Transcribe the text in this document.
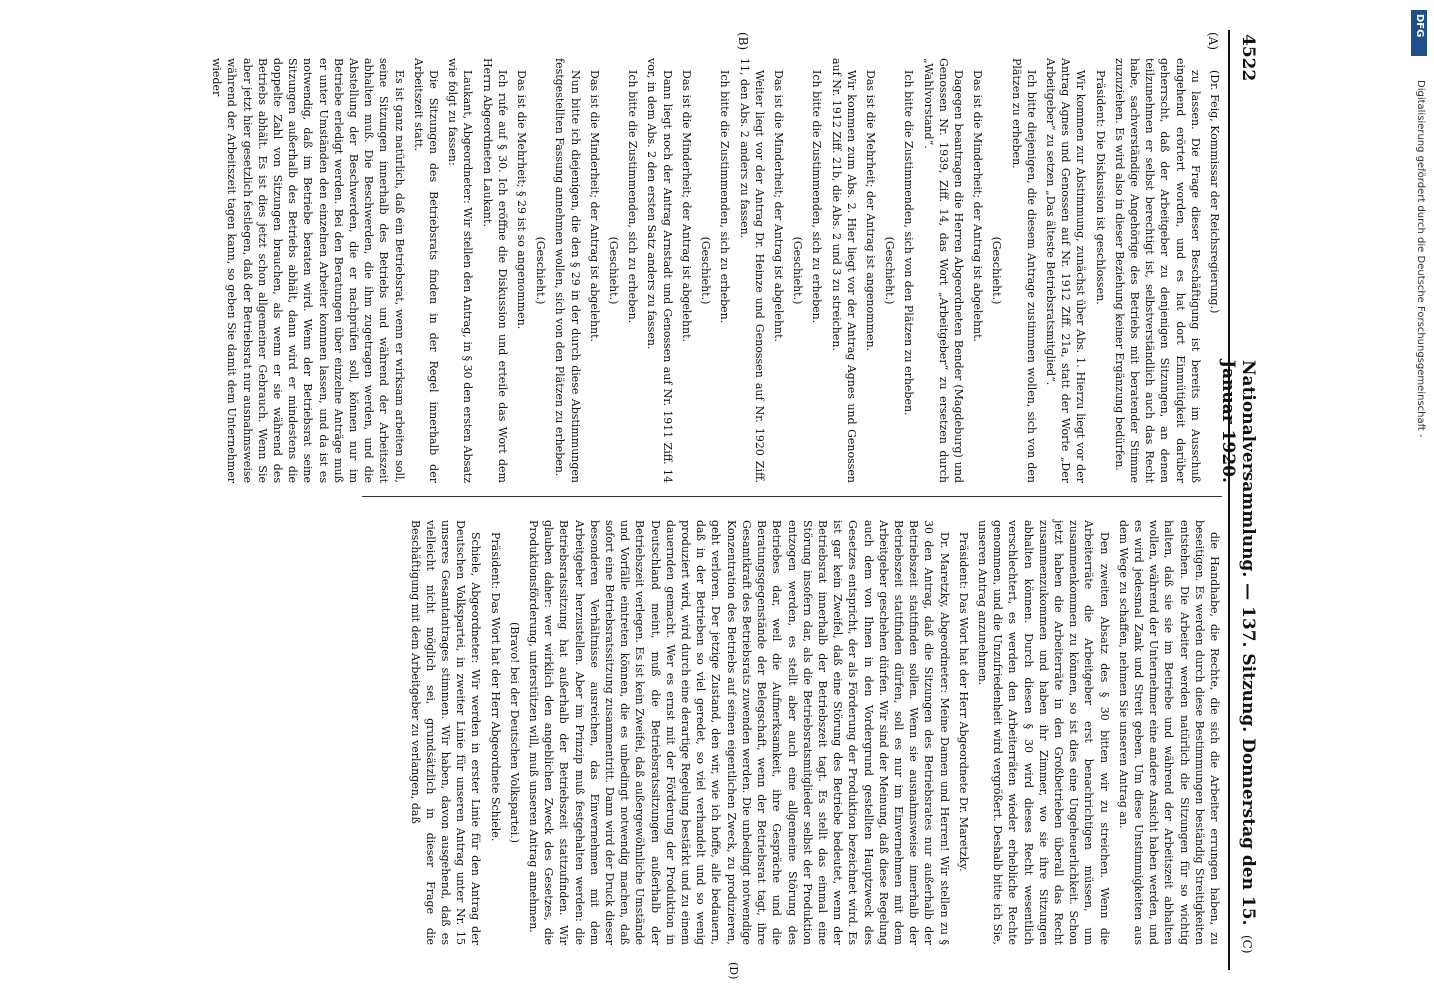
4522
Nationalversammlung. — 137. Sitzung. Donnerstag den 15. Januar 1920.
(C)
(A)
(B)
(D)

(Dr. Feig, Kommissar der Reichsregierung.)

zu lassen. Die Frage dieser Beschäftigung ist bereits im Ausschuß eingehend erörtert worden, und es hat dort Einmütigkeit darüber geherrscht, daß der Arbeitgeber zu denjenigen Sitzungen, an denen teilzunehmen er selbst berechtigt ist, selbstverständlich auch das Recht habe, sachverständige Angehörige des Betriebs mit beratender Stimme zuzuziehen. Es wird also in dieser Beziehung keiner Ergänzung bedürfen.

Präsident: Die Diskussion ist geschlossen.

Wir kommen zur Abstimmung, zunächst über Abs. 1. Hierzu liegt vor der Antrag Agnes und Genossen auf Nr. 1912 Ziff. 21a, statt der Worte „Der Arbeitgeber“ zu setzen „Das älteste Betriebsratsmitglied“.

Ich bitte diejenigen, die diesem Antrage zustimmen wollen, sich von den Plätzen zu erheben.

(Geschieht.)

Das ist die Minderheit; der Antrag ist abgelehnt.

Dagegen beantragen die Herren Abgeordneten Bender (Magdeburg) und Genossen Nr. 1939, Ziff. 14, das Wort „Arbeitgeber“ zu ersetzen durch „Wahlvorstand“.

Ich bitte die Zustimmenden, sich von den Plätzen zu erheben.

(Geschieht.)

Das ist die Mehrheit; der Antrag ist angenommen.

Wir kommen zum Abs. 2. Hier liegt vor der Antrag Agnes und Genossen auf Nr. 1912 Ziff. 21b, die Abs. 2 und 3 zu streichen.

Ich bitte die Zustimmenden, sich zu erheben.

(Geschieht.)

Das ist die Minderheit; der Antrag ist abgelehnt.

Weiter liegt vor der Antrag Dr. Heinze und Genossen auf Nr. 1920 Ziff. 11, den Abs. 2 anders zu fassen.

Ich bitte die Zustimmenden, sich zu erheben.

(Geschieht.)

Das ist die Minderheit; der Antrag ist abgelehnt.

Dann liegt noch der Antrag Arnstadt und Genossen auf Nr. 1911 Ziff. 14 vor, in dem Abs. 2 den ersten Satz anders zu fassen.

Ich bitte die Zustimmenden, sich zu erheben.

(Geschieht.)

Das ist die Minderheit; der Antrag ist abgelehnt.

Nun bitte ich diejenigen, die den § 29 in der durch diese Abstimmungen festgestellten Fassung annehmen wollen, sich von den Plätzen zu erheben.

(Geschieht.)

Das ist die Mehrheit; § 29 ist so angenommen.

Ich rufe auf § 30. Ich eröffne die Diskussion und erteile das Wort dem Herrn Abgeordneten Laukant.

Laukant, Abgeordneter: Wir stellen den Antrag, in § 30 den ersten Absatz wie folgt zu fassen:

Die Sitzungen des Betriebsrats finden in der Regel innerhalb der Arbeitszeit statt.

Es ist ganz natürlich, daß ein Betriebsrat, wenn er wirksam arbeiten soll, seine Sitzungen innerhalb des Betriebs und während der Arbeitszeit abhalten muß. Die Beschwerden, die ihm zugetragen werden, und die Abstellung der Beschwerden, die er nachprüfen soll, können nur im Betriebe erledigt werden. Bei den Beratungen über einzelne Anträge muß er unter Umständen den einzelnen Arbeiter kommen lassen, und da ist es notwendig, daß im Betriebe beraten wird. Wenn der Betriebsrat seine Sitzungen außerhalb des Betriebs abhält, dann wird er mindestens die doppelte Zahl von Sitzungen brauchen, als wenn er sie während des Betriebs abhält. Es ist dies jetzt schon allgemeiner Gebrauch. Wenn Sie aber jetzt hier gesetzlich festlegen, daß der Betriebsrat nur ausnahmsweise während der Arbeitszeit tagen kann, so geben Sie damit dem Unternehmer wieder

die Handhabe, die Rechte, die sich die Arbeiter errungen haben, zu beseitigen. Es werden durch diese Bestimmungen beständig Streitigkeiten entstehen. Die Arbeiter werden natürlich die Sitzungen für so wichtig halten, daß sie sie im Betriebe und während der Arbeitszeit abhalten wollen, während der Unternehmer eine andere Ansicht haben werden, und es wird jedesmal Zank und Streit geben. Um diese Unstimmigkeiten aus dem Wege zu schaffen, nehmen Sie unseren Antrag an.

Den zweiten Absatz des § 30 bitten wir zu streichen. Wenn die Arbeiterräte die Arbeitgeber erst benachrichtigen müssen, um zusammenkommen zu können, so ist dies eine Ungeheuerlichkeit. Schon jetzt haben die Arbeiterräte in den Großbetrieben überall das Recht zusammenzukommen und haben ihr Zimmer, wo sie ihre Sitzungen abhalten können. Durch diesen § 30 wird dieses Recht wesentlich verschlechtert, es werden den Arbeiterräten wieder erhebliche Rechte genommen, und die Unzufriedenheit wird vergrößert. Deshalb bitte ich Sie, unseren Antrag anzunehmen.

Präsident: Das Wort hat der Herr Abgeordnete Dr. Maretzky.

Dr. Maretzky, Abgeordneter: Meine Damen und Herren! Wir stellen zu § 30 den Antrag, daß die Sitzungen des Betriebsrates nur außerhalb der Betriebszeit stattfinden sollen. Wenn sie ausnahmsweise innerhalb der Betriebszeit stattfinden dürfen, soll es nur im Einvernehmen mit dem Arbeitgeber geschehen dürfen. Wir sind der Meinung, daß diese Regelung auch dem von Ihnen in den Vordergrund gestellten Hauptzweck des Gesetzes entspricht, der als Förderung der Produktion bezeichnet wird. Es ist gar kein Zweifel, daß eine Störung des Betriebe bedeutet, wenn der Betriebsrat innerhalb der Betriebszeit tagt. Es stellt das einmal eine Störung insofern dar, als die Betriebsratsmitglieder selbst der Produktion entzogen werden, es stellt aber auch eine allgemeine Störung des Betriebes dar, weil die Aufmerksamkeit, ihre Gespräche und die Beratungsgegenstände der Belegschaft, wenn der Betriebsrat tagt, ihre Gesamtkraft des Betriebsrats zuwenden werden. Die unbedingt notwendige Konzentration des Betriebs auf seinen eigentlichen Zweck, zu produzieren, geht verloren. Der jetzige Zustand, den wir, wie ich hoffe, alle bedauern, daß in der Betrieben so viel geredet, so viel verhandelt und so wenig produziert wird, wird durch eine derartige Regelung bestärkt und zu einem dauernden gemacht. Wer es ernst mit der Förderung der Produktion in Deutschland meint, muß die Betriebsratssitzungen außerhalb der Betriebszeit verlegen. Es ist kein Zweifel, daß außergewöhnliche Umstände und Vorfälle eintreten können, die es unbedingt notwendig machen, daß sofort eine Betriebsratssitzung zusammentritt. Dann wird der Druck dieser besonderen Verhältnisse ausreichen, das Einvernehmen mit dem Arbeitgeber herzustellen. Aber im Prinzip muß festgehalten werden: die Betriebsratssitzung hat außerhalb der Betriebszeit stattzufinden. Wir glauben daher: wer wirklich den angeblichen Zweck des Gesetzes, die Produktionsförderung, unterstützen will, muß unseren Antrag annehmen.

(Bravo! bei der Deutschen Volkspartei.)

Präsident: Das Wort hat der Herr Abgeordnete Schiele.

Schiele, Abgeordneter: Wir werden in erster Linie für den Antrag der Deutschen Volkspartei, in zweiter Linie für unseren Antrag unter Nr. 15 unseres Gesamtantrages stimmen. Wir haben, davon ausgehend, daß es vielleicht nicht möglich sei, grundsätzlich in dieser Frage die Beschäftigung mit dem Arbeitgeber zu verlangen, daß

DFG
Digitalisierung gefördert durch die Deutsche Forschungsgemeinschaft -
